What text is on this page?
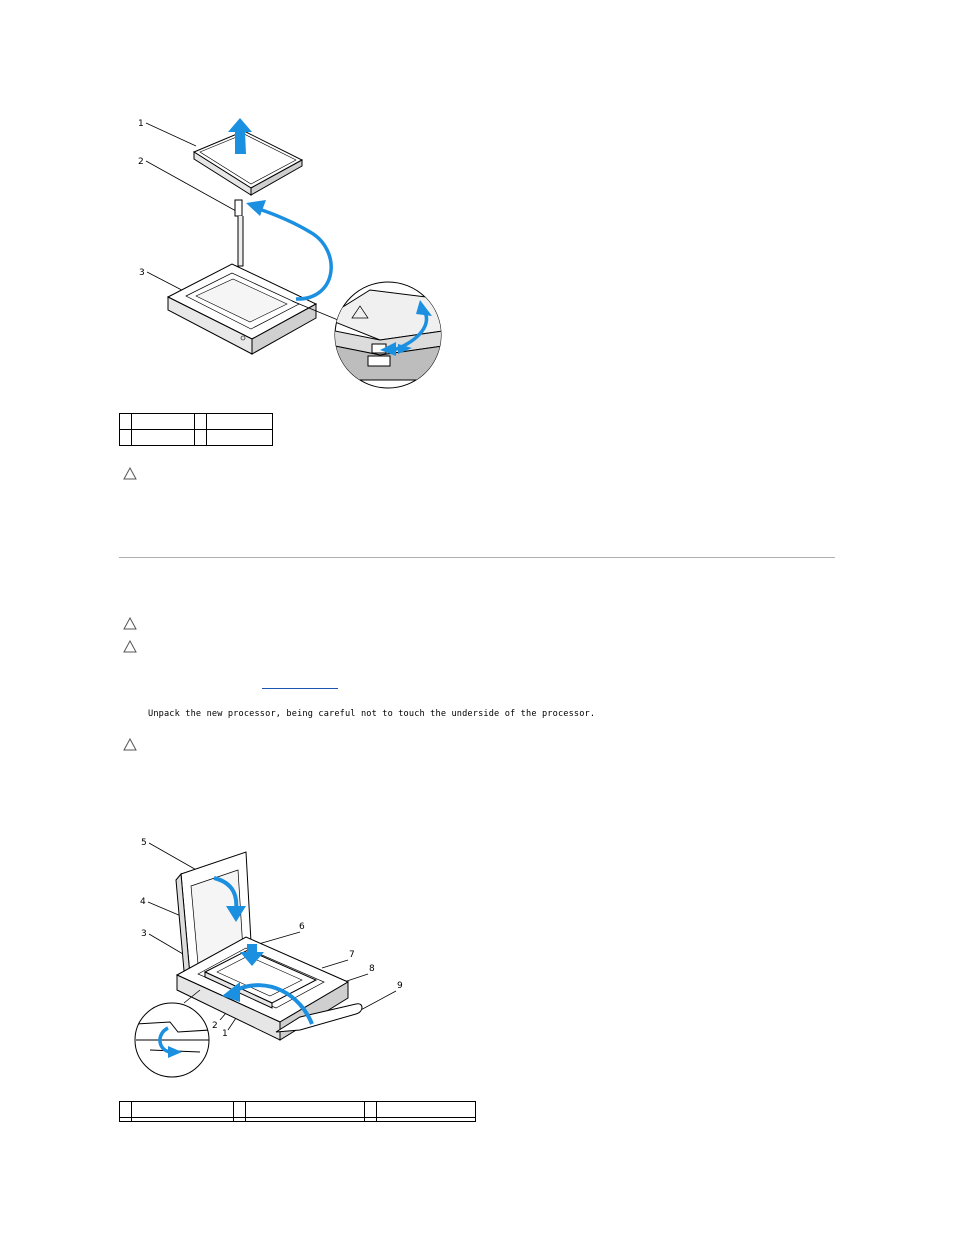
1
2
3

Unpack the new processor, being careful not to touch the underside of the processor.
5
4
3
6
7
8
9
2
1
